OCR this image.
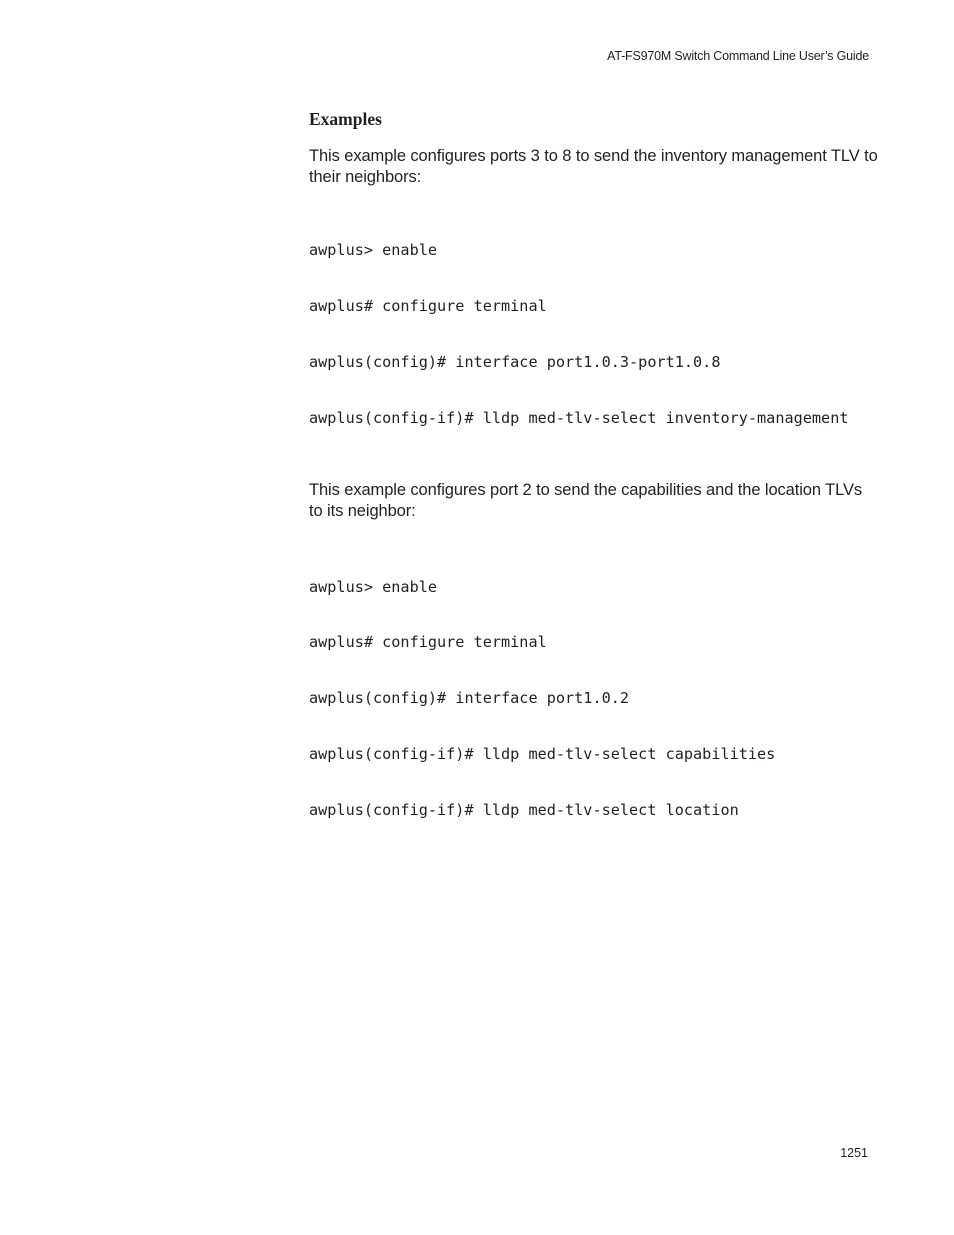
AT-FS970M Switch Command Line User’s Guide
Examples

This example configures ports 3 to 8 to send the inventory management TLV to their neighbors:

awplus> enable

awplus# configure terminal

awplus(config)# interface port1.0.3-port1.0.8

awplus(config-if)# lldp med-tlv-select inventory-management

This example configures port 2 to send the capabilities and the location TLVs to its neighbor:

awplus> enable

awplus# configure terminal

awplus(config)# interface port1.0.2

awplus(config-if)# lldp med-tlv-select capabilities

awplus(config-if)# lldp med-tlv-select location

1251
